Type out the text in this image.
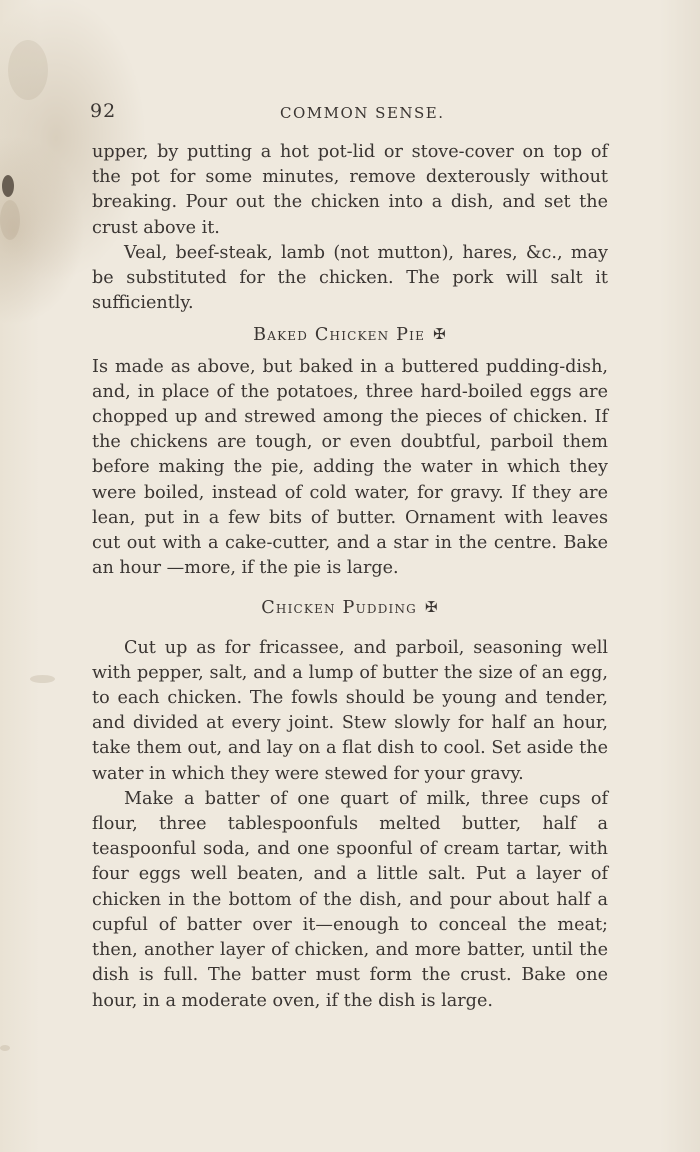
92	COMMON SENSE.

upper, by putting a hot pot-lid or stove-cover on top of the pot for some minutes, remove dexterously without breaking. Pour out the chicken into a dish, and set the crust above it.

Veal, beef-steak, lamb (not mutton), hares, &c., may be substituted for the chicken. The pork will salt it sufficiently.

Baked Chicken Pie ✠

Is made as above, but baked in a buttered pudding-dish, and, in place of the potatoes, three hard-boiled eggs are chopped up and strewed among the pieces of chicken. If the chickens are tough, or even doubtful, parboil them before making the pie, adding the water in which they were boiled, instead of cold water, for gravy. If they are lean, put in a few bits of butter. Ornament with leaves cut out with a cake-cutter, and a star in the centre. Bake an hour —more, if the pie is large.

Chicken Pudding ✠

Cut up as for fricassee, and parboil, seasoning well with pepper, salt, and a lump of butter the size of an egg, to each chicken. The fowls should be young and tender, and divided at every joint. Stew slowly for half an hour, take them out, and lay on a flat dish to cool. Set aside the water in which they were stewed for your gravy.

Make a batter of one quart of milk, three cups of flour, three tablespoonfuls melted butter, half a teaspoonful soda, and one spoonful of cream tartar, with four eggs well beaten, and a little salt. Put a layer of chicken in the bottom of the dish, and pour about half a cupful of batter over it—enough to conceal the meat; then, another layer of chicken, and more batter, until the dish is full. The batter must form the crust. Bake one hour, in a moderate oven, if the dish is large.
